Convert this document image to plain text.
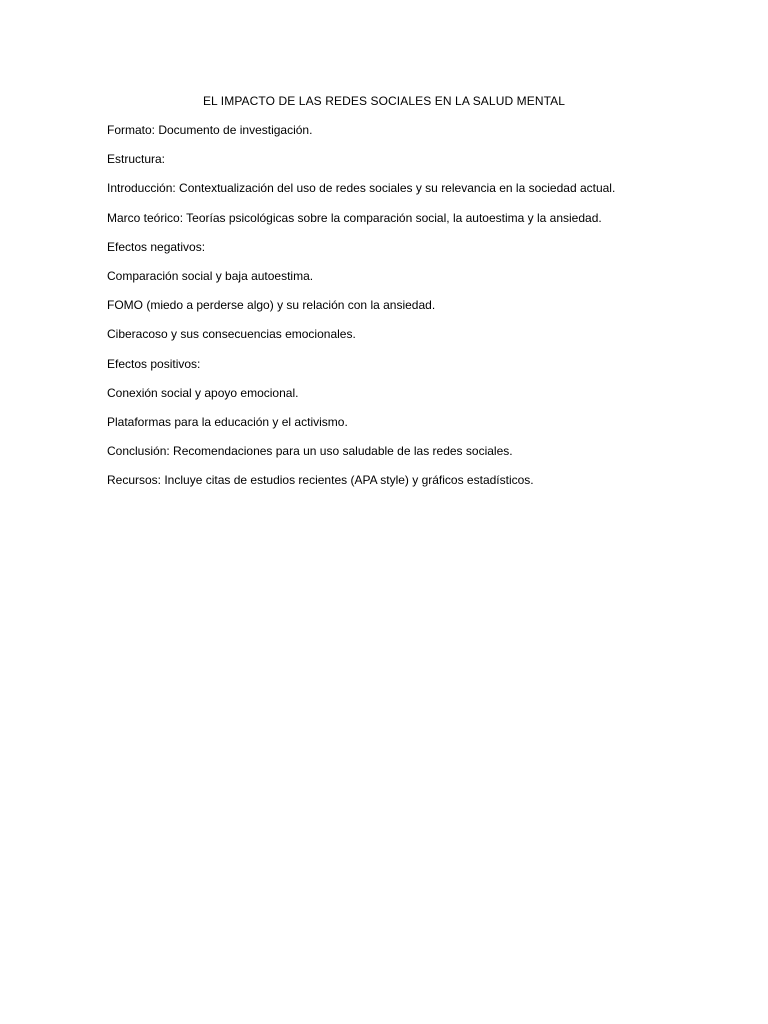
EL IMPACTO DE LAS REDES SOCIALES EN LA SALUD MENTAL
Formato: Documento de investigación.
Estructura:
Introducción: Contextualización del uso de redes sociales y su relevancia en la sociedad actual.
Marco teórico: Teorías psicológicas sobre la comparación social, la autoestima y la ansiedad.
Efectos negativos:
Comparación social y baja autoestima.
FOMO (miedo a perderse algo) y su relación con la ansiedad.
Ciberacoso y sus consecuencias emocionales.
Efectos positivos:
Conexión social y apoyo emocional.
Plataformas para la educación y el activismo.
Conclusión: Recomendaciones para un uso saludable de las redes sociales.
Recursos: Incluye citas de estudios recientes (APA style) y gráficos estadísticos.
